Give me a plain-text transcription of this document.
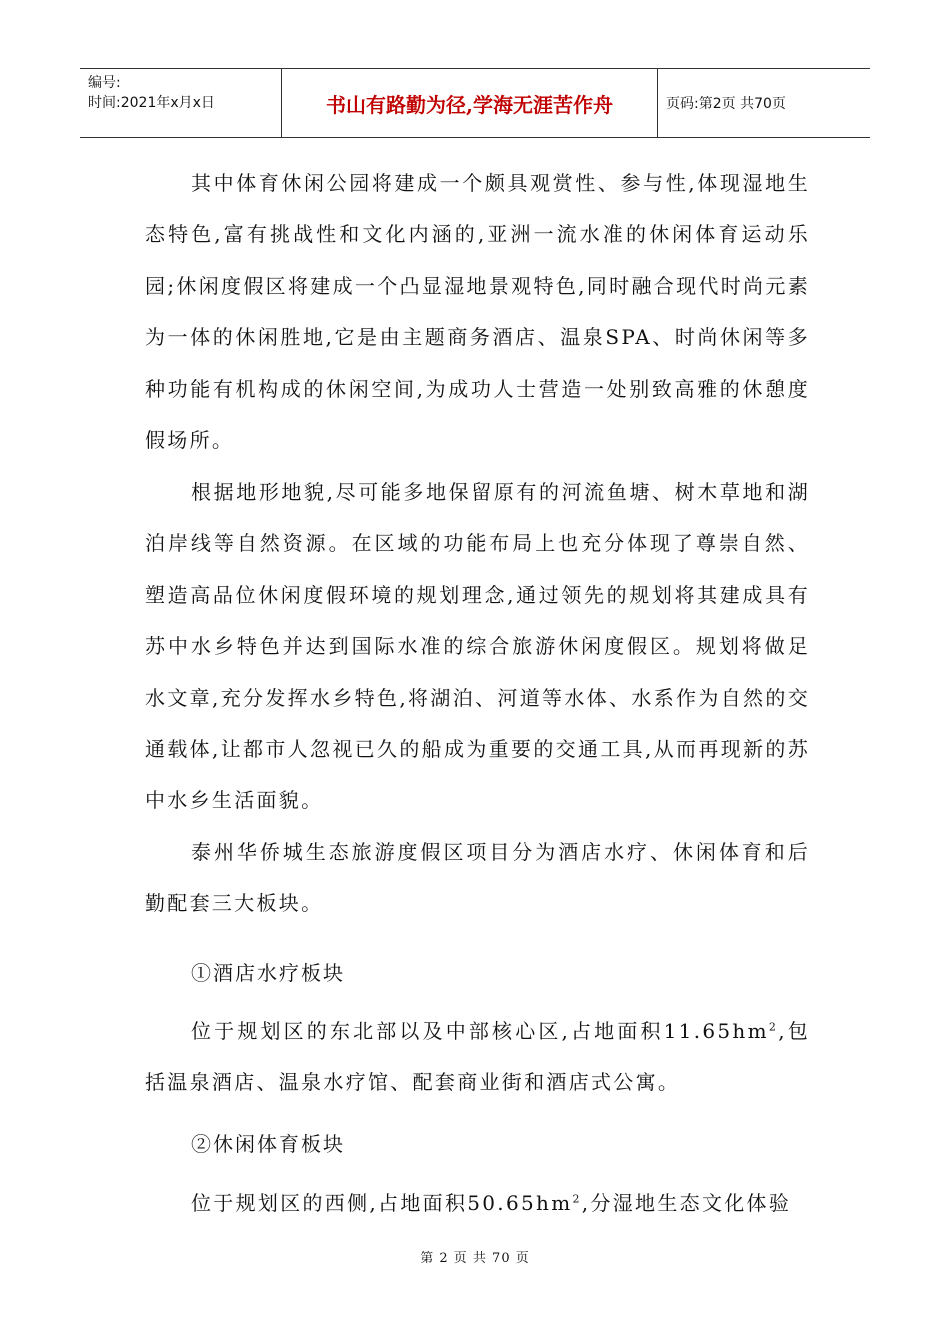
编号:
时间:2021年x月x日	书山有路勤为径,学海无涯苦作舟	页码:第2页 共70页

其中体育休闲公园将建成一个颇具观赏性、参与性,体现湿地生态特色,富有挑战性和文化内涵的,亚洲一流水准的休闲体育运动乐园;休闲度假区将建成一个凸显湿地景观特色,同时融合现代时尚元素为一体的休闲胜地,它是由主题商务酒店、温泉SPA、时尚休闲等多种功能有机构成的休闲空间,为成功人士营造一处别致高雅的休憩度假场所。

根据地形地貌,尽可能多地保留原有的河流鱼塘、树木草地和湖泊岸线等自然资源。在区域的功能布局上也充分体现了尊崇自然、塑造高品位休闲度假环境的规划理念,通过领先的规划将其建成具有苏中水乡特色并达到国际水准的综合旅游休闲度假区。规划将做足水文章,充分发挥水乡特色,将湖泊、河道等水体、水系作为自然的交通载体,让都市人忽视已久的船成为重要的交通工具,从而再现新的苏中水乡生活面貌。

泰州华侨城生态旅游度假区项目分为酒店水疗、休闲体育和后勤配套三大板块。

①酒店水疗板块

位于规划区的东北部以及中部核心区,占地面积$11.65hm^2$,包括温泉酒店、温泉水疗馆、配套商业街和酒店式公寓。

②休闲体育板块

位于规划区的西侧,占地面积$50.65hm^2$,分湿地生态文化体验

第 2 页 共 70 页
